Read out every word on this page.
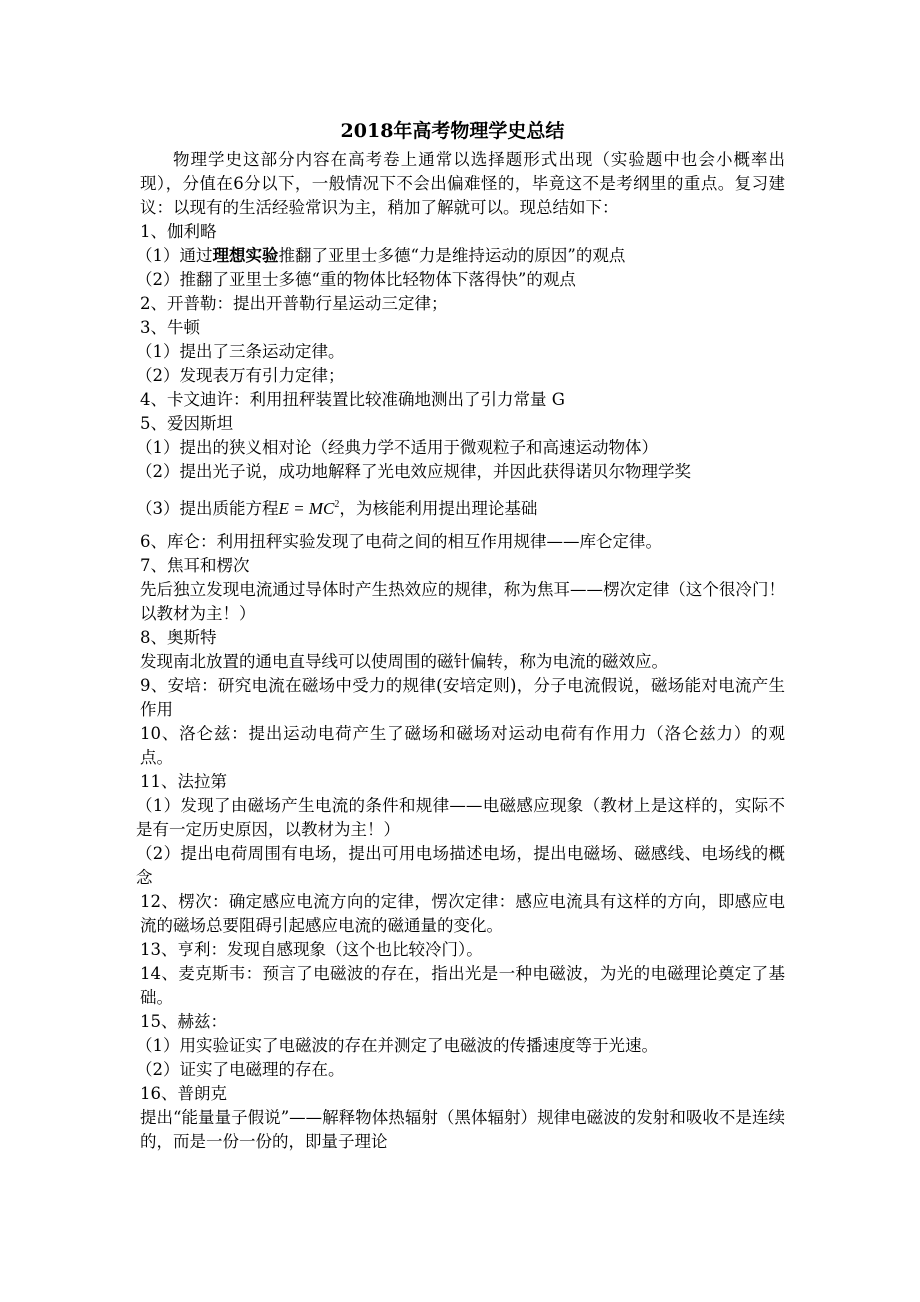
2018年高考物理学史总结
物理学史这部分内容在高考卷上通常以选择题形式出现（实验题中也会小概率出现），分值在6分以下，一般情况下不会出偏难怪的，毕竟这不是考纲里的重点。复习建议：以现有的生活经验常识为主，稍加了解就可以。现总结如下：
1、伽利略
（1）通过理想实验推翻了亚里士多德“力是维持运动的原因”的观点
（2）推翻了亚里士多德“重的物体比轻物体下落得快”的观点
2、开普勒：提出开普勒行星运动三定律；
3、牛顿
（1）提出了三条运动定律。
（2）发现表万有引力定律；
4、卡文迪许：利用扭秤装置比较准确地测出了引力常量 G
5、爱因斯坦
（1）提出的狭义相对论（经典力学不适用于微观粒子和高速运动物体）
（2）提出光子说，成功地解释了光电效应规律，并因此获得诺贝尔物理学奖
（3）提出质能方程$E = MC^2$，为核能利用提出理论基础
6、库仑：利用扭秤实验发现了电荷之间的相互作用规律——库仑定律。
7、焦耳和楞次
先后独立发现电流通过导体时产生热效应的规律，称为焦耳——楞次定律（这个很冷门！以教材为主！）
8、奥斯特
发现南北放置的通电直导线可以使周围的磁针偏转，称为电流的磁效应。
9、安培：研究电流在磁场中受力的规律(安培定则)，分子电流假说，磁场能对电流产生作用
10、洛仑兹：提出运动电荷产生了磁场和磁场对运动电荷有作用力（洛仑兹力）的观点。
11、法拉第
（1）发现了由磁场产生电流的条件和规律——电磁感应现象（教材上是这样的，实际不是有一定历史原因，以教材为主！）
（2）提出电荷周围有电场，提出可用电场描述电场，提出电磁场、磁感线、电场线的概念
12、楞次：确定感应电流方向的定律，愣次定律：感应电流具有这样的方向，即感应电流的磁场总要阻碍引起感应电流的磁通量的变化。
13、亨利：发现自感现象（这个也比较冷门）。
14、麦克斯韦：预言了电磁波的存在，指出光是一种电磁波，为光的电磁理论奠定了基础。
15、赫兹：
（1）用实验证实了电磁波的存在并测定了电磁波的传播速度等于光速。
（2）证实了电磁理的存在。
16、普朗克
提出“能量量子假说”——解释物体热辐射（黑体辐射）规律电磁波的发射和吸收不是连续的，而是一份一份的，即量子理论
